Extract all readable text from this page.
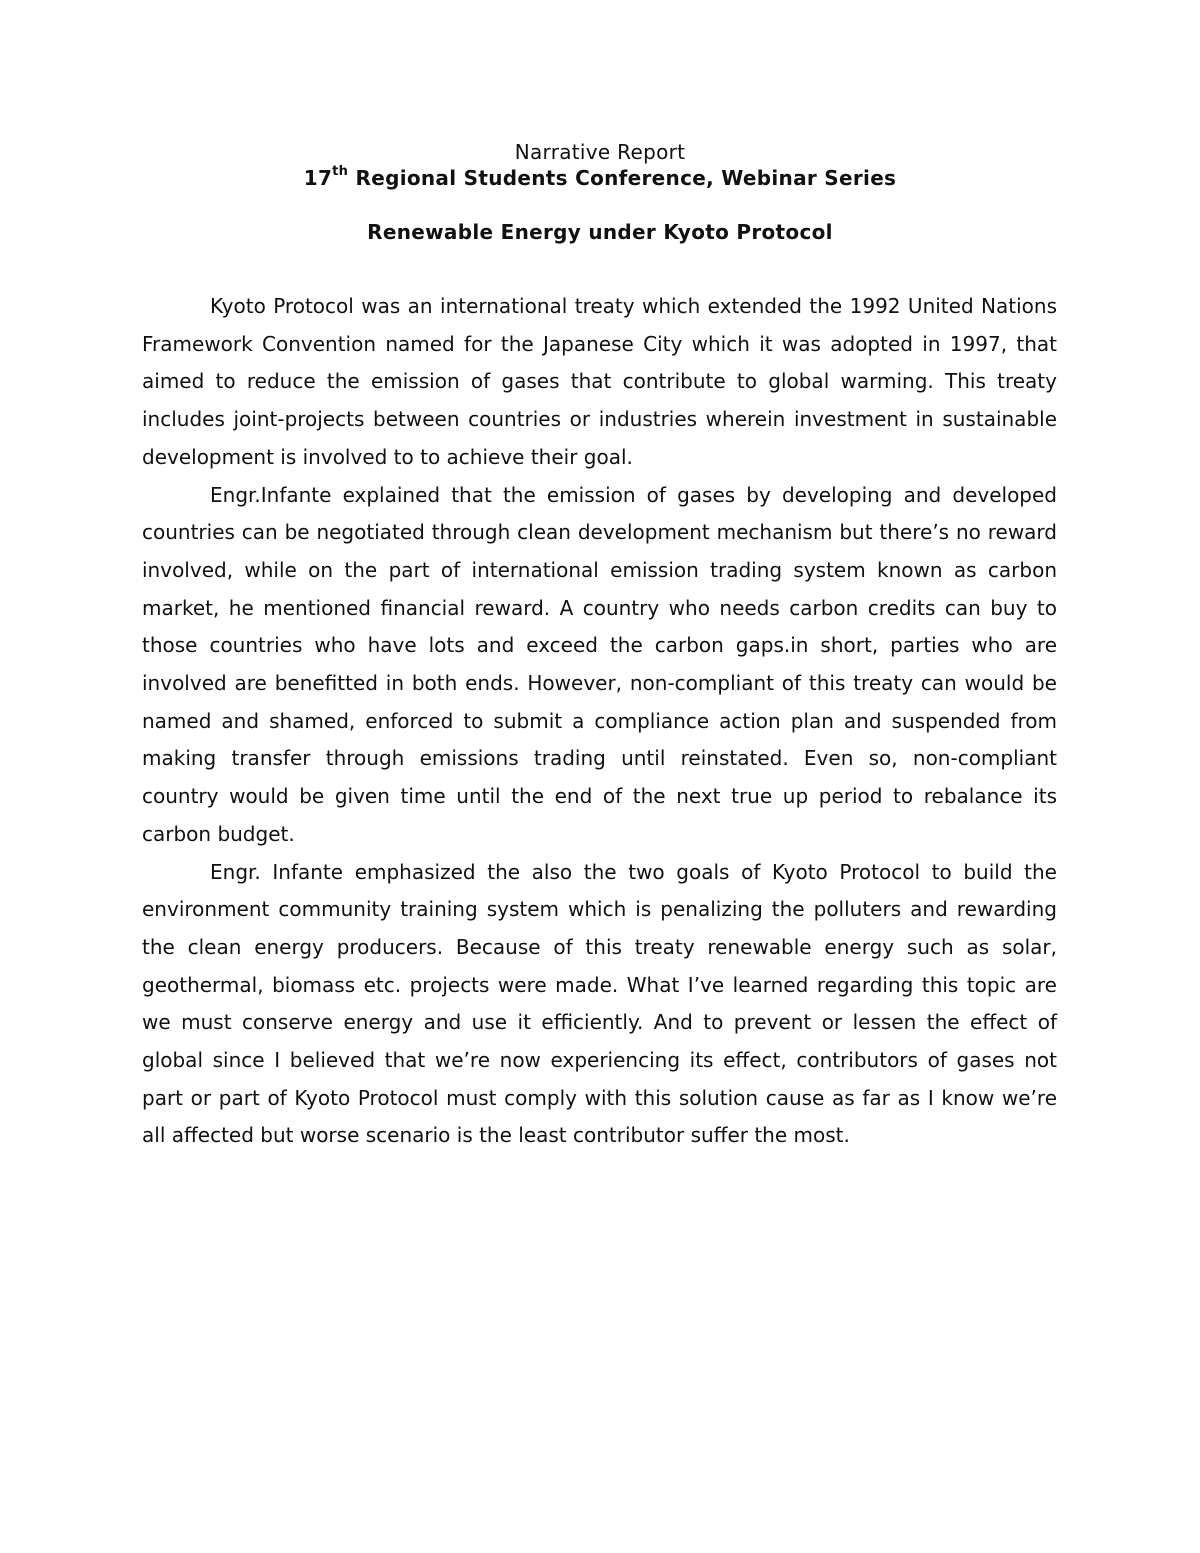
Narrative Report
17th Regional Students Conference, Webinar Series
Renewable Energy under Kyoto Protocol

Kyoto Protocol was an international treaty which extended the 1992 United Nations Framework Convention named for the Japanese City which it was adopted in 1997, that aimed to reduce the emission of gases that contribute to global warming. This treaty includes joint-projects between countries or industries wherein investment in sustainable development is involved to to achieve their goal.

Engr.Infante explained that the emission of gases by developing and developed countries can be negotiated through clean development mechanism but there’s no reward involved, while on the part of international emission trading system known as carbon market, he mentioned financial reward. A country who needs carbon credits can buy to those countries who have lots and exceed the carbon gaps.in short, parties who are involved are benefitted in both ends. However, non-compliant of this treaty can would be named and shamed, enforced to submit a compliance action plan and suspended from making transfer through emissions trading until reinstated. Even so, non-compliant country would be given time until the end of the next true up period to rebalance its carbon budget.

Engr. Infante emphasized the also the two goals of Kyoto Protocol to build the environment community training system which is penalizing the polluters and rewarding the clean energy producers. Because of this treaty renewable energy such as solar, geothermal, biomass etc. projects were made. What I’ve learned regarding this topic are we must conserve energy and use it efficiently. And to prevent or lessen the effect of global since I believed that we’re now experiencing its effect, contributors of gases not part or part of Kyoto Protocol must comply with this solution cause as far as I know we’re all affected but worse scenario is the least contributor suffer the most.
